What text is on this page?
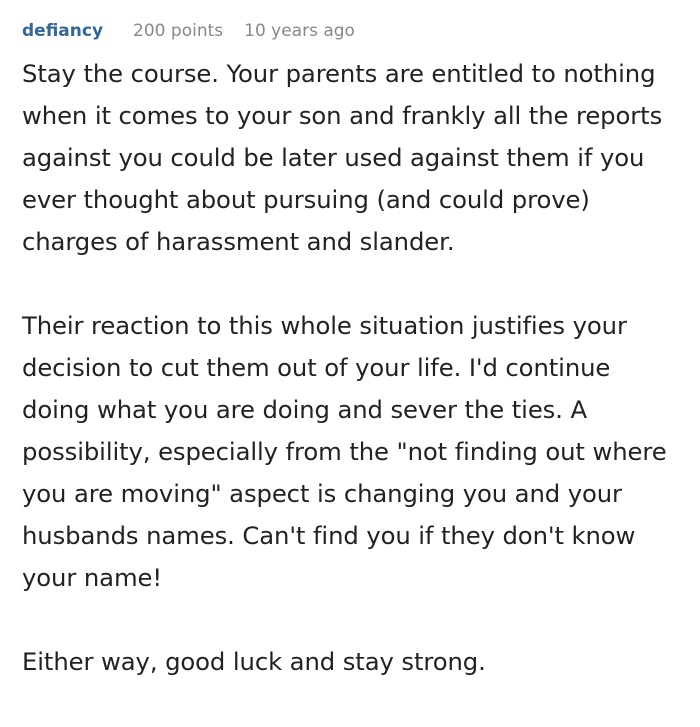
defiancy 200 points 10 years ago

Stay the course. Your parents are entitled to nothing when it comes to your son and frankly all the reports against you could be later used against them if you ever thought about pursuing (and could prove) charges of harassment and slander.

Their reaction to this whole situation justifies your decision to cut them out of your life. I'd continue doing what you are doing and sever the ties. A possibility, especially from the "not finding out where you are moving" aspect is changing you and your husbands names. Can't find you if they don't know your name!

Either way, good luck and stay strong.
